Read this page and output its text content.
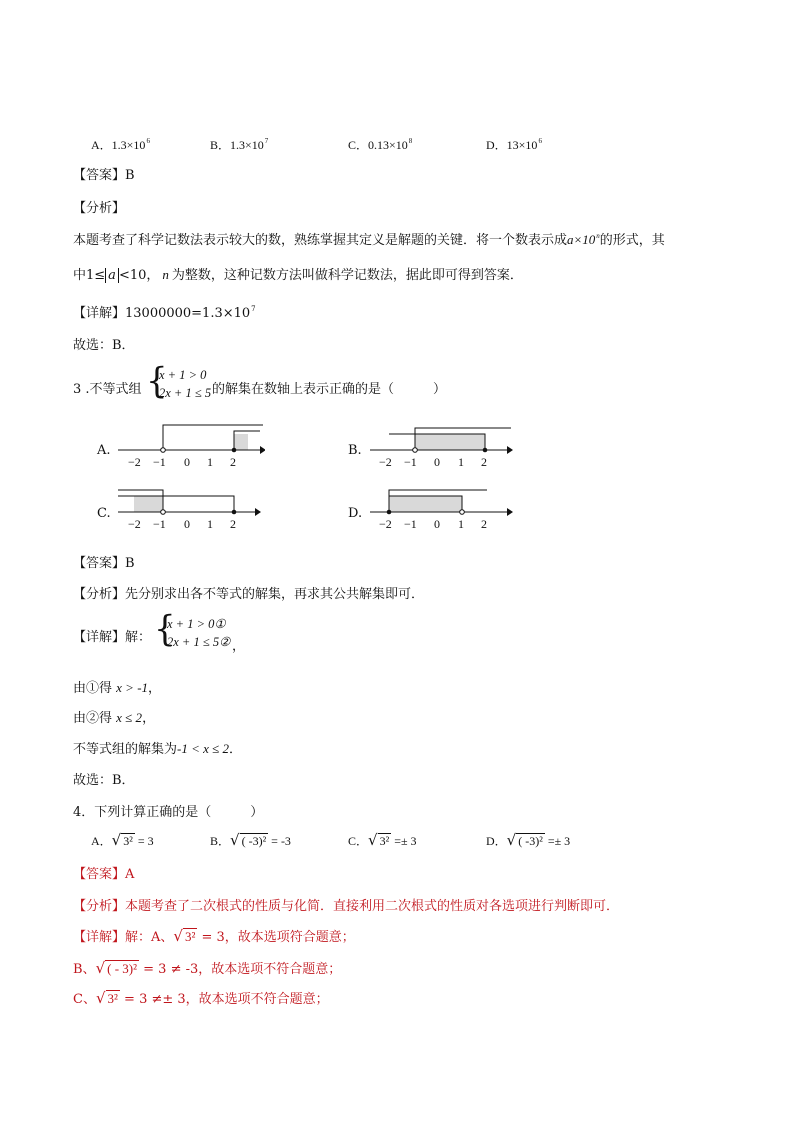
A．$1.3\times 10^6$	B．$1.3\times 10^7$	C．$0.13\times 10^8$	D．$13\times 10^6$
【答案】B
【分析】
本题考查了科学记数法表示较大的数，熟练掌握其定义是解题的关键．将一个数表示成$a\times 10^n$的形式，其
中1≤ a <10， n 为整数，这种记数方法叫做科学记数法，据此即可得到答案．
【详解】$13000000=1.3\times 10^7$
故选：B．
3 .不等式组 {
x + 1 > 0
2x + 1 ≤ 5 的解集在数轴上表示正确的是（　　　）
A.
−2 −1 0 1 2
B.
−2 −1 0 1 2
C.
−2 −1 0 1 2
D.
−2 −1 0 1 2
【答案】B
【分析】先分别求出各不等式的解集，再求其公共解集即可．
【详解】解： {
x + 1 > 0①
2x + 1 ≤ 5② ，
由①得 x > -1，
由②得 x ≤ 2，
不等式组的解集为-1 < x ≤ 2．
故选：B．
4．下列计算正确的是（　　　）
A．√ 3² = 3	B．√ ( -3)² = -3	C．√ 3² =± 3	D．√ ( -3)² =± 3
【答案】A
【分析】本题考查了二次根式的性质与化简．直接利用二次根式的性质对各选项进行判断即可．
【详解】解：A、√ 3² = 3，故本选项符合题意；
B、√ ( - 3)² = 3 ≠ -3，故本选项不符合题意；
C、√ 3² = 3 ≠± 3，故本选项不符合题意；
